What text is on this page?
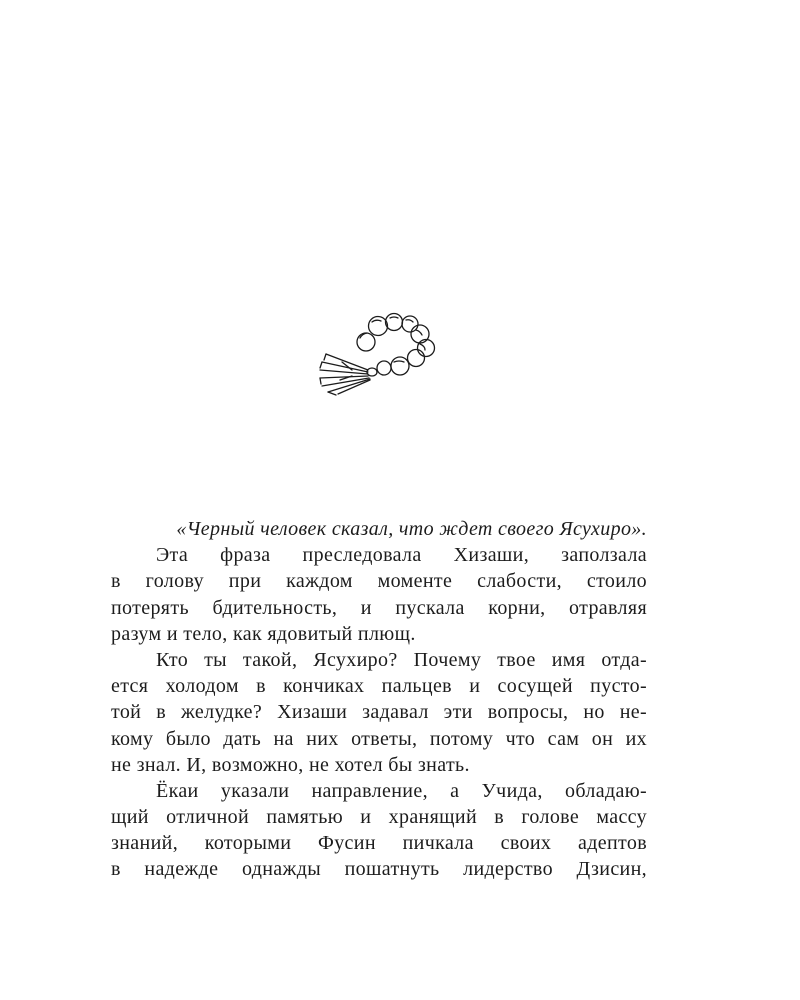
«Черный человек сказал, что ждет своего Ясухиро».

Эта фраза преследовала Хизаши, заползала
в голову при каждом моменте слабости, стоило
потерять бдительность, и пускала корни, отравляя
разум и тело, как ядовитый плющ.

Кто ты такой, Ясухиро? Почему твое имя отда-
ется холодом в кончиках пальцев и сосущей пусто-
той в желудке? Хизаши задавал эти вопросы, но не-
кому было дать на них ответы, потому что сам он их
не знал. И, возможно, не хотел бы знать.

Ёкаи указали направление, а Учида, обладаю-
щий отличной памятью и хранящий в голове массу
знаний, которыми Фусин пичкала своих адептов
в надежде однажды пошатнуть лидерство Дзисин,
